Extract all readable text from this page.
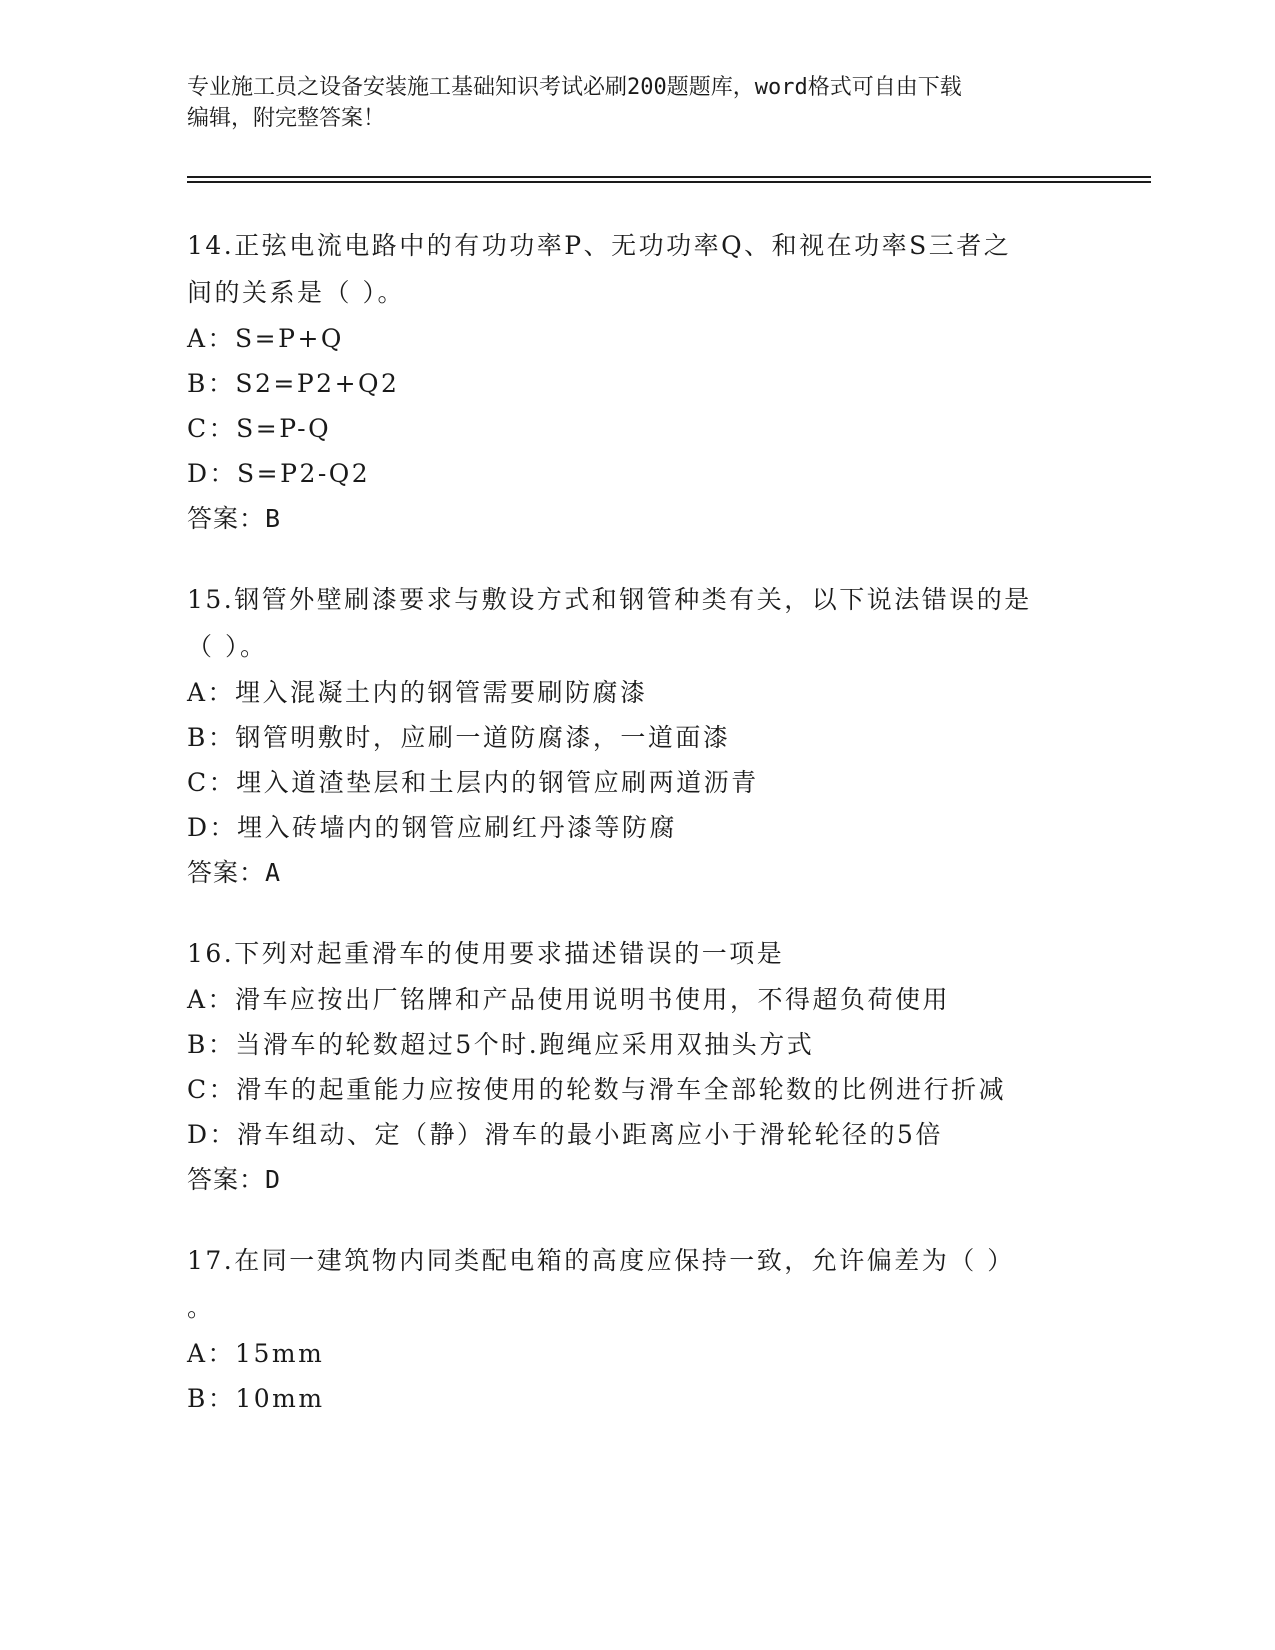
专业施工员之设备安装施工基础知识考试必刷200题题库，word格式可自由下载
编辑，附完整答案！
14.正弦电流电路中的有功功率P、无功功率Q、和视在功率S三者之
间的关系是（ ）。
A：S=P+Q
B：S2=P2+Q2
C：S=P-Q
D：S=P2-Q2
答案：B
15.钢管外壁刷漆要求与敷设方式和钢管种类有关，以下说法错误的是
（ ）。
A：埋入混凝土内的钢管需要刷防腐漆
B：钢管明敷时，应刷一道防腐漆，一道面漆
C：埋入道渣垫层和土层内的钢管应刷两道沥青
D：埋入砖墙内的钢管应刷红丹漆等防腐
答案：A
16.下列对起重滑车的使用要求描述错误的一项是
A：滑车应按出厂铭牌和产品使用说明书使用，不得超负荷使用
B：当滑车的轮数超过5个时.跑绳应采用双抽头方式
C：滑车的起重能力应按使用的轮数与滑车全部轮数的比例进行折减
D：滑车组动、定（静）滑车的最小距离应小于滑轮轮径的5倍
答案：D
17.在同一建筑物内同类配电箱的高度应保持一致，允许偏差为（ ）
。
A：15mm
B：10mm
